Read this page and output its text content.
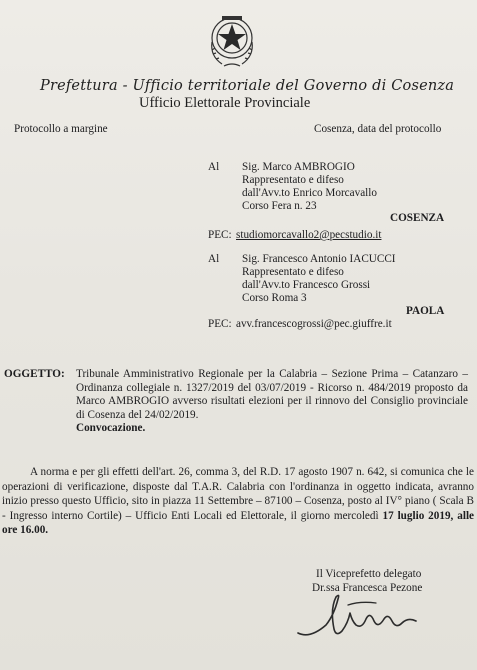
Prefettura - Ufficio territoriale del Governo di Cosenza
Ufficio Elettorale Provinciale
Protocollo a margine	Cosenza, data del protocollo
Al Sig. Marco AMBROGIO
Rappresentato e difeso
dall'Avv.to Enrico Morcavallo
Corso Fera n. 23
COSENZA
PEC: studiomorcavallo2@pecstudio.it
Al Sig. Francesco Antonio IACUCCI
Rappresentato e difeso
dall'Avv.to Francesco Grossi
Corso Roma 3
PAOLA
PEC: avv.francescogrossi@pec.giuffre.it
OGGETTO: Tribunale Amministrativo Regionale per la Calabria – Sezione Prima – Catanzaro – Ordinanza collegiale n. 1327/2019 del 03/07/2019 - Ricorso n. 484/2019 proposto da Marco AMBROGIO avverso risultati elezioni per il rinnovo del Consiglio provinciale di Cosenza del 24/02/2019.
Convocazione.
A norma e per gli effetti dell'art. 26, comma 3, del R.D. 17 agosto 1907 n. 642, si comunica che le operazioni di verificazione, disposte dal T.A.R. Calabria con l'ordinanza in oggetto indicata, avranno inizio presso questo Ufficio, sito in piazza 11 Settembre – 87100 – Cosenza, posto al IV° piano ( Scala B - Ingresso interno Cortile) – Ufficio Enti Locali ed Elettorale, il giorno mercoledì 17 luglio 2019, alle ore 16.00.
Il Viceprefetto delegato
Dr.ssa Francesca Pezone
